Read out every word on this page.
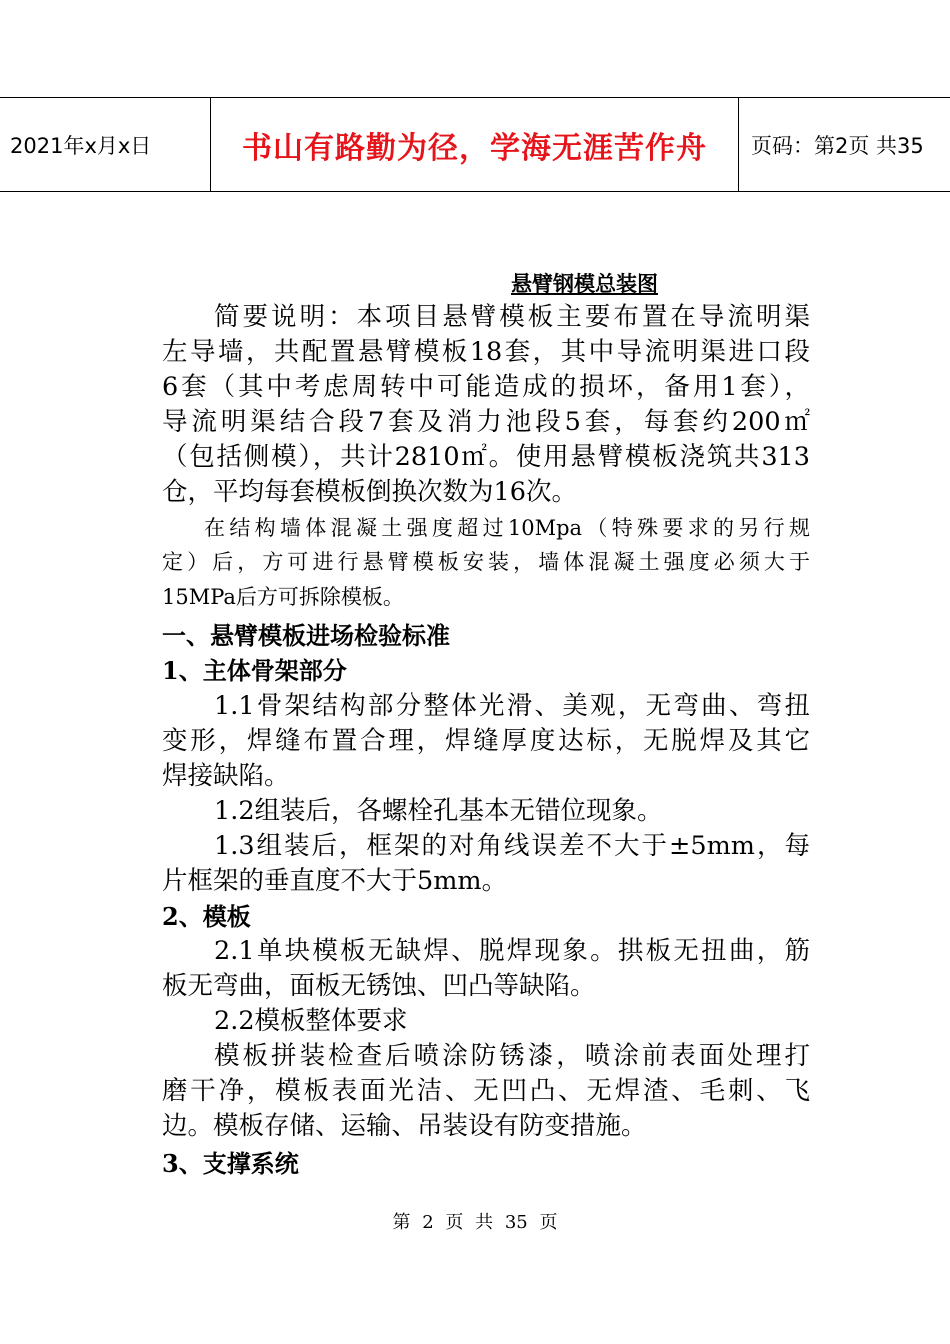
2021年x月x日	书山有路勤为径，学海无涯苦作舟	页码：第2页 共35
悬臂钢模总装图
简要说明：本项目悬臂模板主要布置在导流明渠
左导墙，共配置悬臂模板18套，其中导流明渠进口段
6套（其中考虑周转中可能造成的损坏，备用1套），
导流明渠结合段7套及消力池段5套，每套约200㎡
（包括侧模），共计2810㎡。使用悬臂模板浇筑共313
仓，平均每套模板倒换次数为16次。
在结构墙体混凝土强度超过10Mpa（特殊要求的另行规
定）后，方可进行悬臂模板安装，墙体混凝土强度必须大于
15MPa后方可拆除模板。
一、悬臂模板进场检验标准
1、主体骨架部分
1.1骨架结构部分整体光滑、美观，无弯曲、弯扭
变形，焊缝布置合理，焊缝厚度达标，无脱焊及其它
焊接缺陷。
1.2组装后，各螺栓孔基本无错位现象。
1.3组装后，框架的对角线误差不大于±5mm，每
片框架的垂直度不大于5mm。
2、模板
2.1单块模板无缺焊、脱焊现象。拱板无扭曲，筋
板无弯曲，面板无锈蚀、凹凸等缺陷。
2.2模板整体要求
模板拼装检查后喷涂防锈漆，喷涂前表面处理打
磨干净，模板表面光洁、无凹凸、无焊渣、毛刺、飞
边。模板存储、运输、吊装设有防变措施。
3、支撑系统
第 2 页 共 35 页
